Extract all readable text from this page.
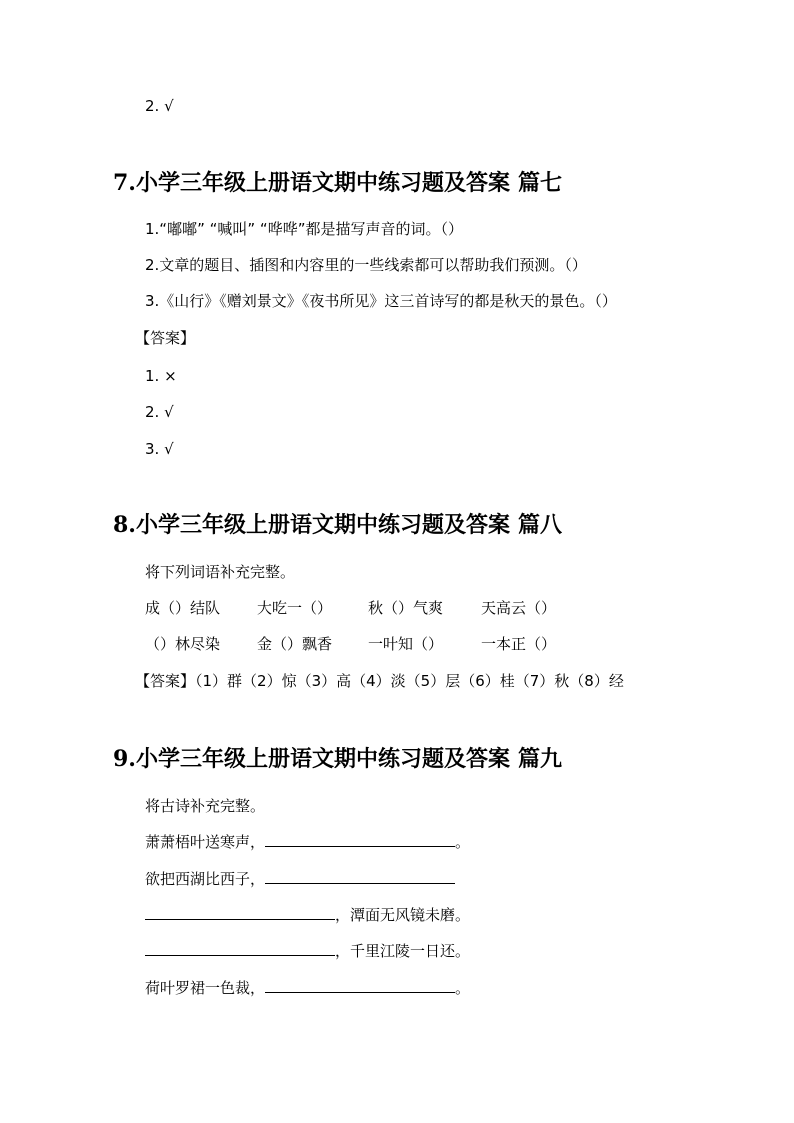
2. √
7.小学三年级上册语文期中练习题及答案 篇七
1.“嘟嘟” “喊叫” “哗哗”都是描写声音的词。（）
2.文章的题目、插图和内容里的一些线索都可以帮助我们预测。（）
3.《山行》《赠刘景文》《夜书所见》这三首诗写的都是秋天的景色。（）
【答案】
1. ×
2. √
3. √
8.小学三年级上册语文期中练习题及答案 篇八
将下列词语补充完整。
成（）结队 大吃一（） 秋（）气爽	天高云（）
（）林尽染 金（）飘香 一叶知（）	一本正（）
【答案】（1）群（2）惊（3）高（4）淡（5）层（6）桂（7）秋（8）经
9.小学三年级上册语文期中练习题及答案 篇九
将古诗补充完整。
萧萧梧叶送寒声，	。
欲把西湖比西子，
，潭面无风镜未磨。
，千里江陵一日还。
荷叶罗裙一色裁，	。
